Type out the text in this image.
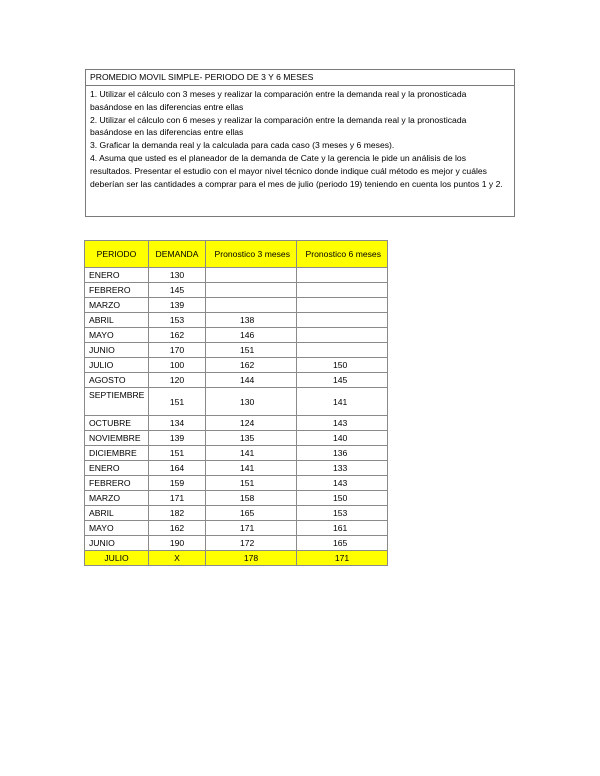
PROMEDIO MOVIL SIMPLE- PERIODO DE 3 Y 6 MESES

1. Utilizar el cálculo con 3 meses y realizar la comparación entre la demanda real y la pronosticada basándose en las diferencias entre ellas

2. Utilizar el cálculo con 6 meses y realizar la comparación entre la demanda real y la pronosticada basándose en las diferencias entre ellas

3. Graficar la demanda real y la calculada para cada caso (3 meses y 6 meses).

4. Asuma que usted es el planeador de la demanda de Cate y la gerencia le pide un análisis de los resultados. Presentar el estudio con el mayor nivel técnico donde indique cuál método es mejor y cuáles deberían ser las cantidades a comprar para el mes de julio (periodo 19) teniendo en cuenta los puntos 1 y 2.

PERIODO	DEMANDA	Pronostico 3 meses	Pronostico 6 meses
ENERO	130		
FEBRERO	145		
MARZO	139		
ABRIL	153	138	
MAYO	162	146	
JUNIO	170	151	
JULIO	100	162	150
AGOSTO	120	144	145
SEPTIEMBRE	151	130	141
OCTUBRE	134	124	143
NOVIEMBRE	139	135	140
DICIEMBRE	151	141	136
ENERO	164	141	133
FEBRERO	159	151	143
MARZO	171	158	150
ABRIL	182	165	153
MAYO	162	171	161
JUNIO	190	172	165
JULIO	X	178	171
